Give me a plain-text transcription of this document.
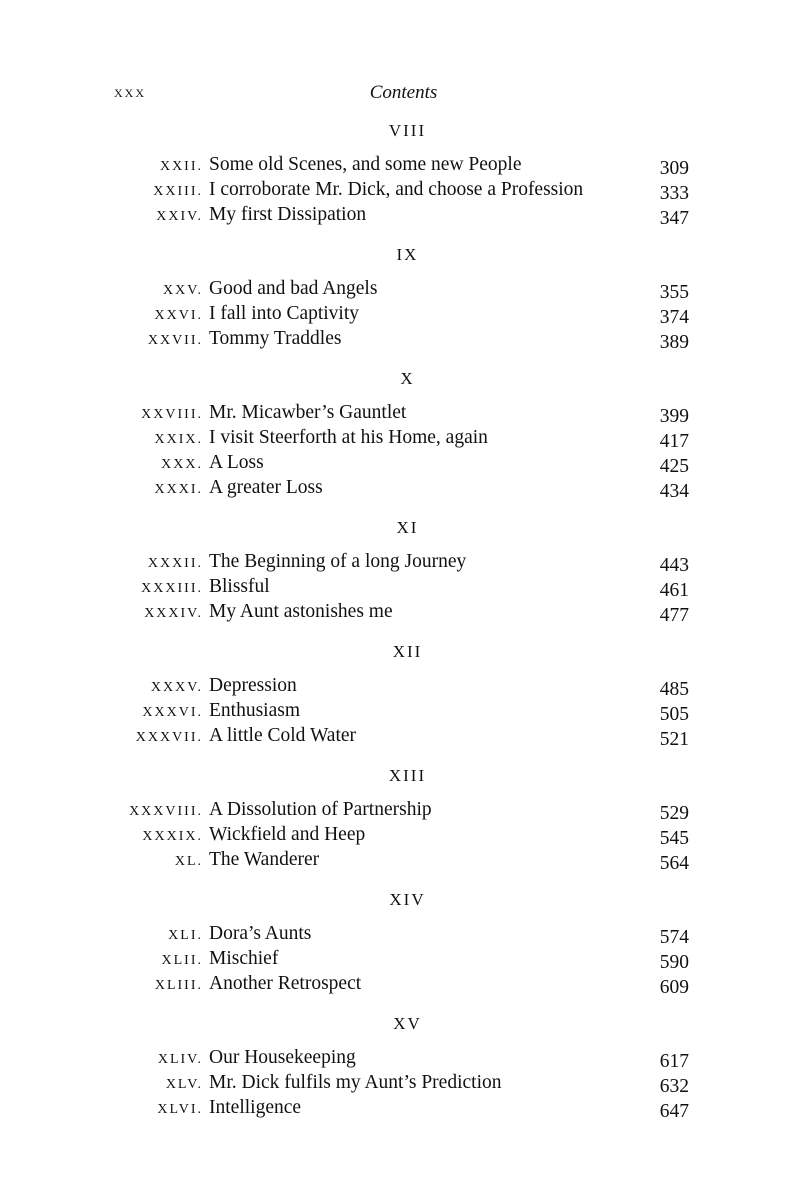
xxx	Contents
VIII
XXII. Some old Scenes, and some new People	309
XXIII. I corroborate Mr. Dick, and choose a Profession	333
XXIV. My first Dissipation	347
IX
XXV. Good and bad Angels	355
XXVI. I fall into Captivity	374
XXVII. Tommy Traddles	389
X
XXVIII. Mr. Micawber’s Gauntlet	399
XXIX. I visit Steerforth at his Home, again	417
XXX. A Loss	425
XXXI. A greater Loss	434
XI
XXXII. The Beginning of a long Journey	443
XXXIII. Blissful	461
XXXIV. My Aunt astonishes me	477
XII
XXXV. Depression	485
XXXVI. Enthusiasm	505
XXXVII. A little Cold Water	521
XIII
XXXVIII. A Dissolution of Partnership	529
XXXIX. Wickfield and Heep	545
XL. The Wanderer	564
XIV
XLI. Dora’s Aunts	574
XLII. Mischief	590
XLIII. Another Retrospect	609
XV
XLIV. Our Housekeeping	617
XLV. Mr. Dick fulfils my Aunt’s Prediction	632
XLVI. Intelligence	647
